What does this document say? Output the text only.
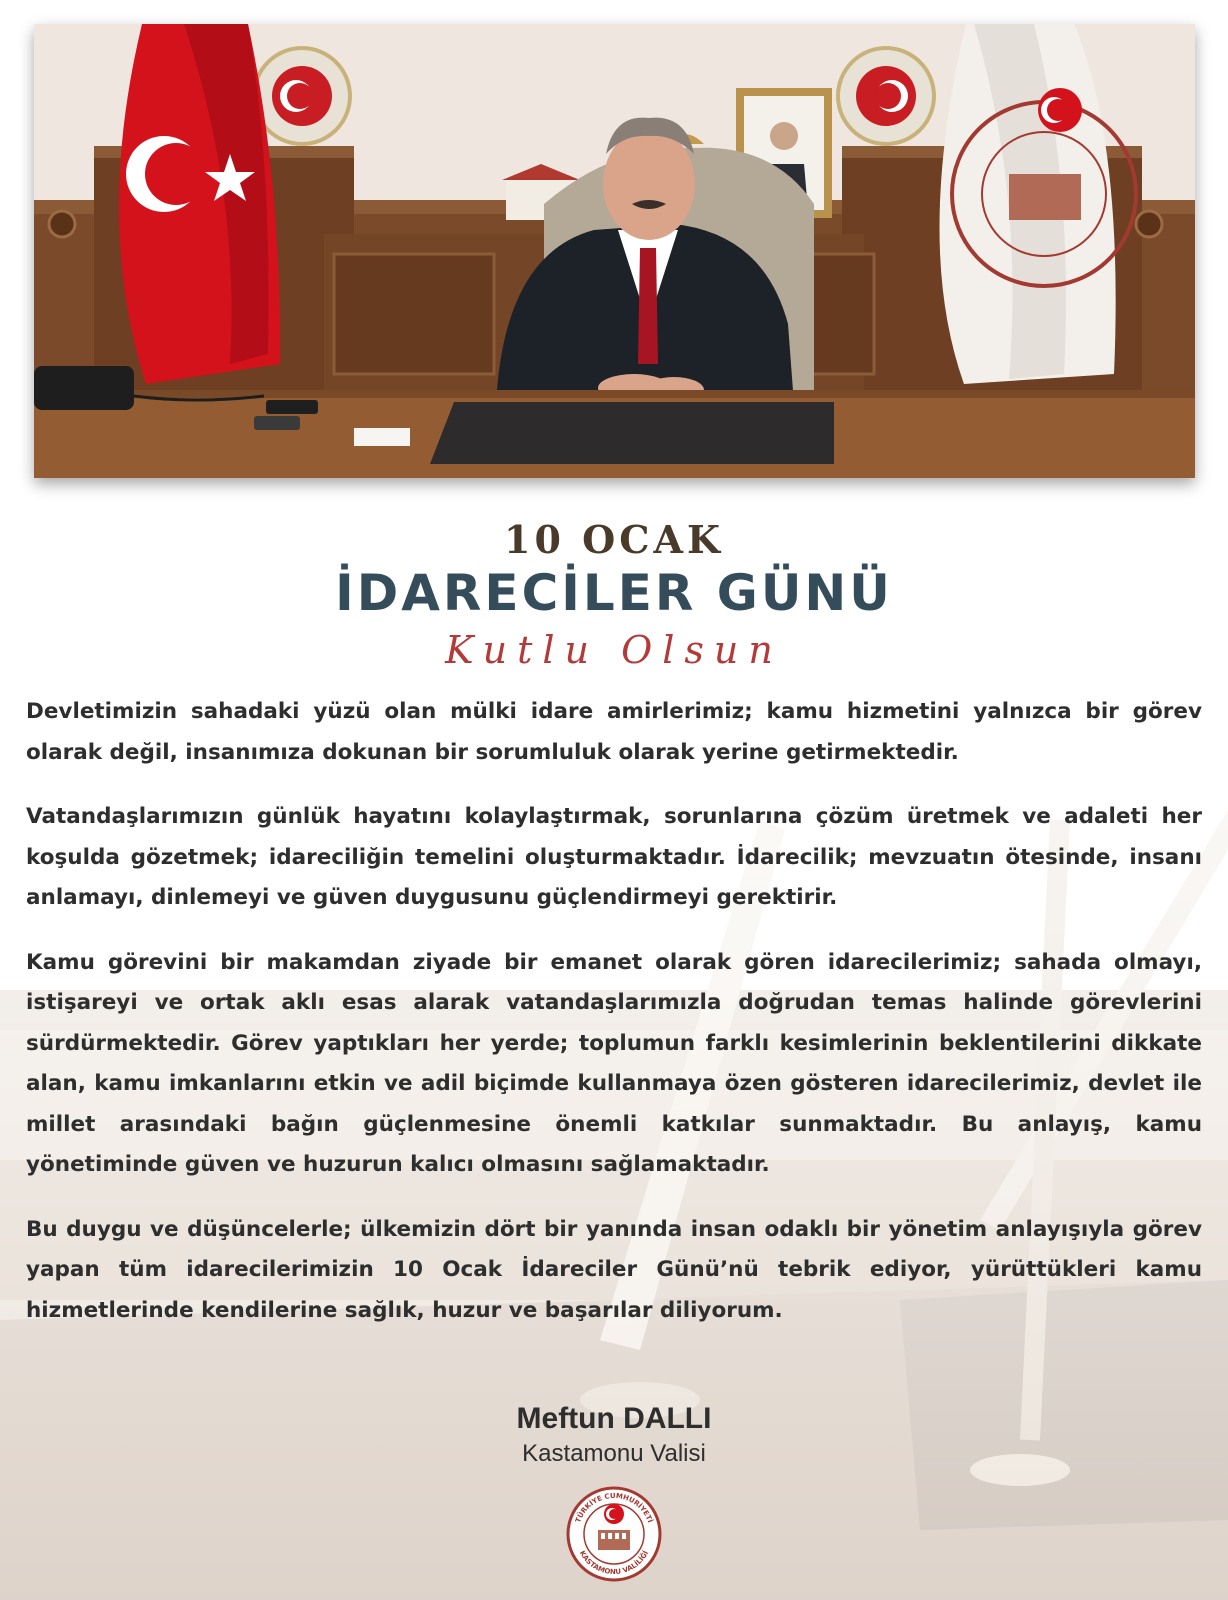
10 OCAK
İDARECİLER GÜNÜ
Kutlu Olsun

Devletimizin sahadaki yüzü olan mülki idare amirlerimiz; kamu hizmetini yalnızca bir görev olarak değil, insanımıza dokunan bir sorumluluk olarak yerine getirmektedir.

Vatandaşlarımızın günlük hayatını kolaylaştırmak, sorunlarına çözüm üretmek ve adaleti her koşulda gözetmek; idareciliğin temelini oluşturmaktadır. İdarecilik; mevzuatın ötesinde, insanı anlamayı, dinlemeyi ve güven duygusunu güçlendirmeyi gerektirir.

Kamu görevini bir makamdan ziyade bir emanet olarak gören idarecilerimiz; sahada olmayı, istişareyi ve ortak aklı esas alarak vatandaşlarımızla doğrudan temas halinde görevlerini sürdürmektedir. Görev yaptıkları her yerde; toplumun farklı kesimlerinin beklentilerini dikkate alan, kamu imkanlarını etkin ve adil biçimde kullanmaya özen gösteren idarecilerimiz, devlet ile millet arasındaki bağın güçlenmesine önemli katkılar sunmaktadır. Bu anlayış, kamu yönetiminde güven ve huzurun kalıcı olmasını sağlamaktadır.

Bu duygu ve düşüncelerle; ülkemizin dört bir yanında insan odaklı bir yönetim anlayışıyla görev yapan tüm idarecilerimizin 10 Ocak İdareciler Günü’nü tebrik ediyor, yürüttükleri kamu hizmetlerinde kendilerine sağlık, huzur ve başarılar diliyorum.

Meftun DALLI
Kastamonu Valisi
TÜRKİYE CUMHURİYETİ
KASTAMONU VALİLİĞİ
